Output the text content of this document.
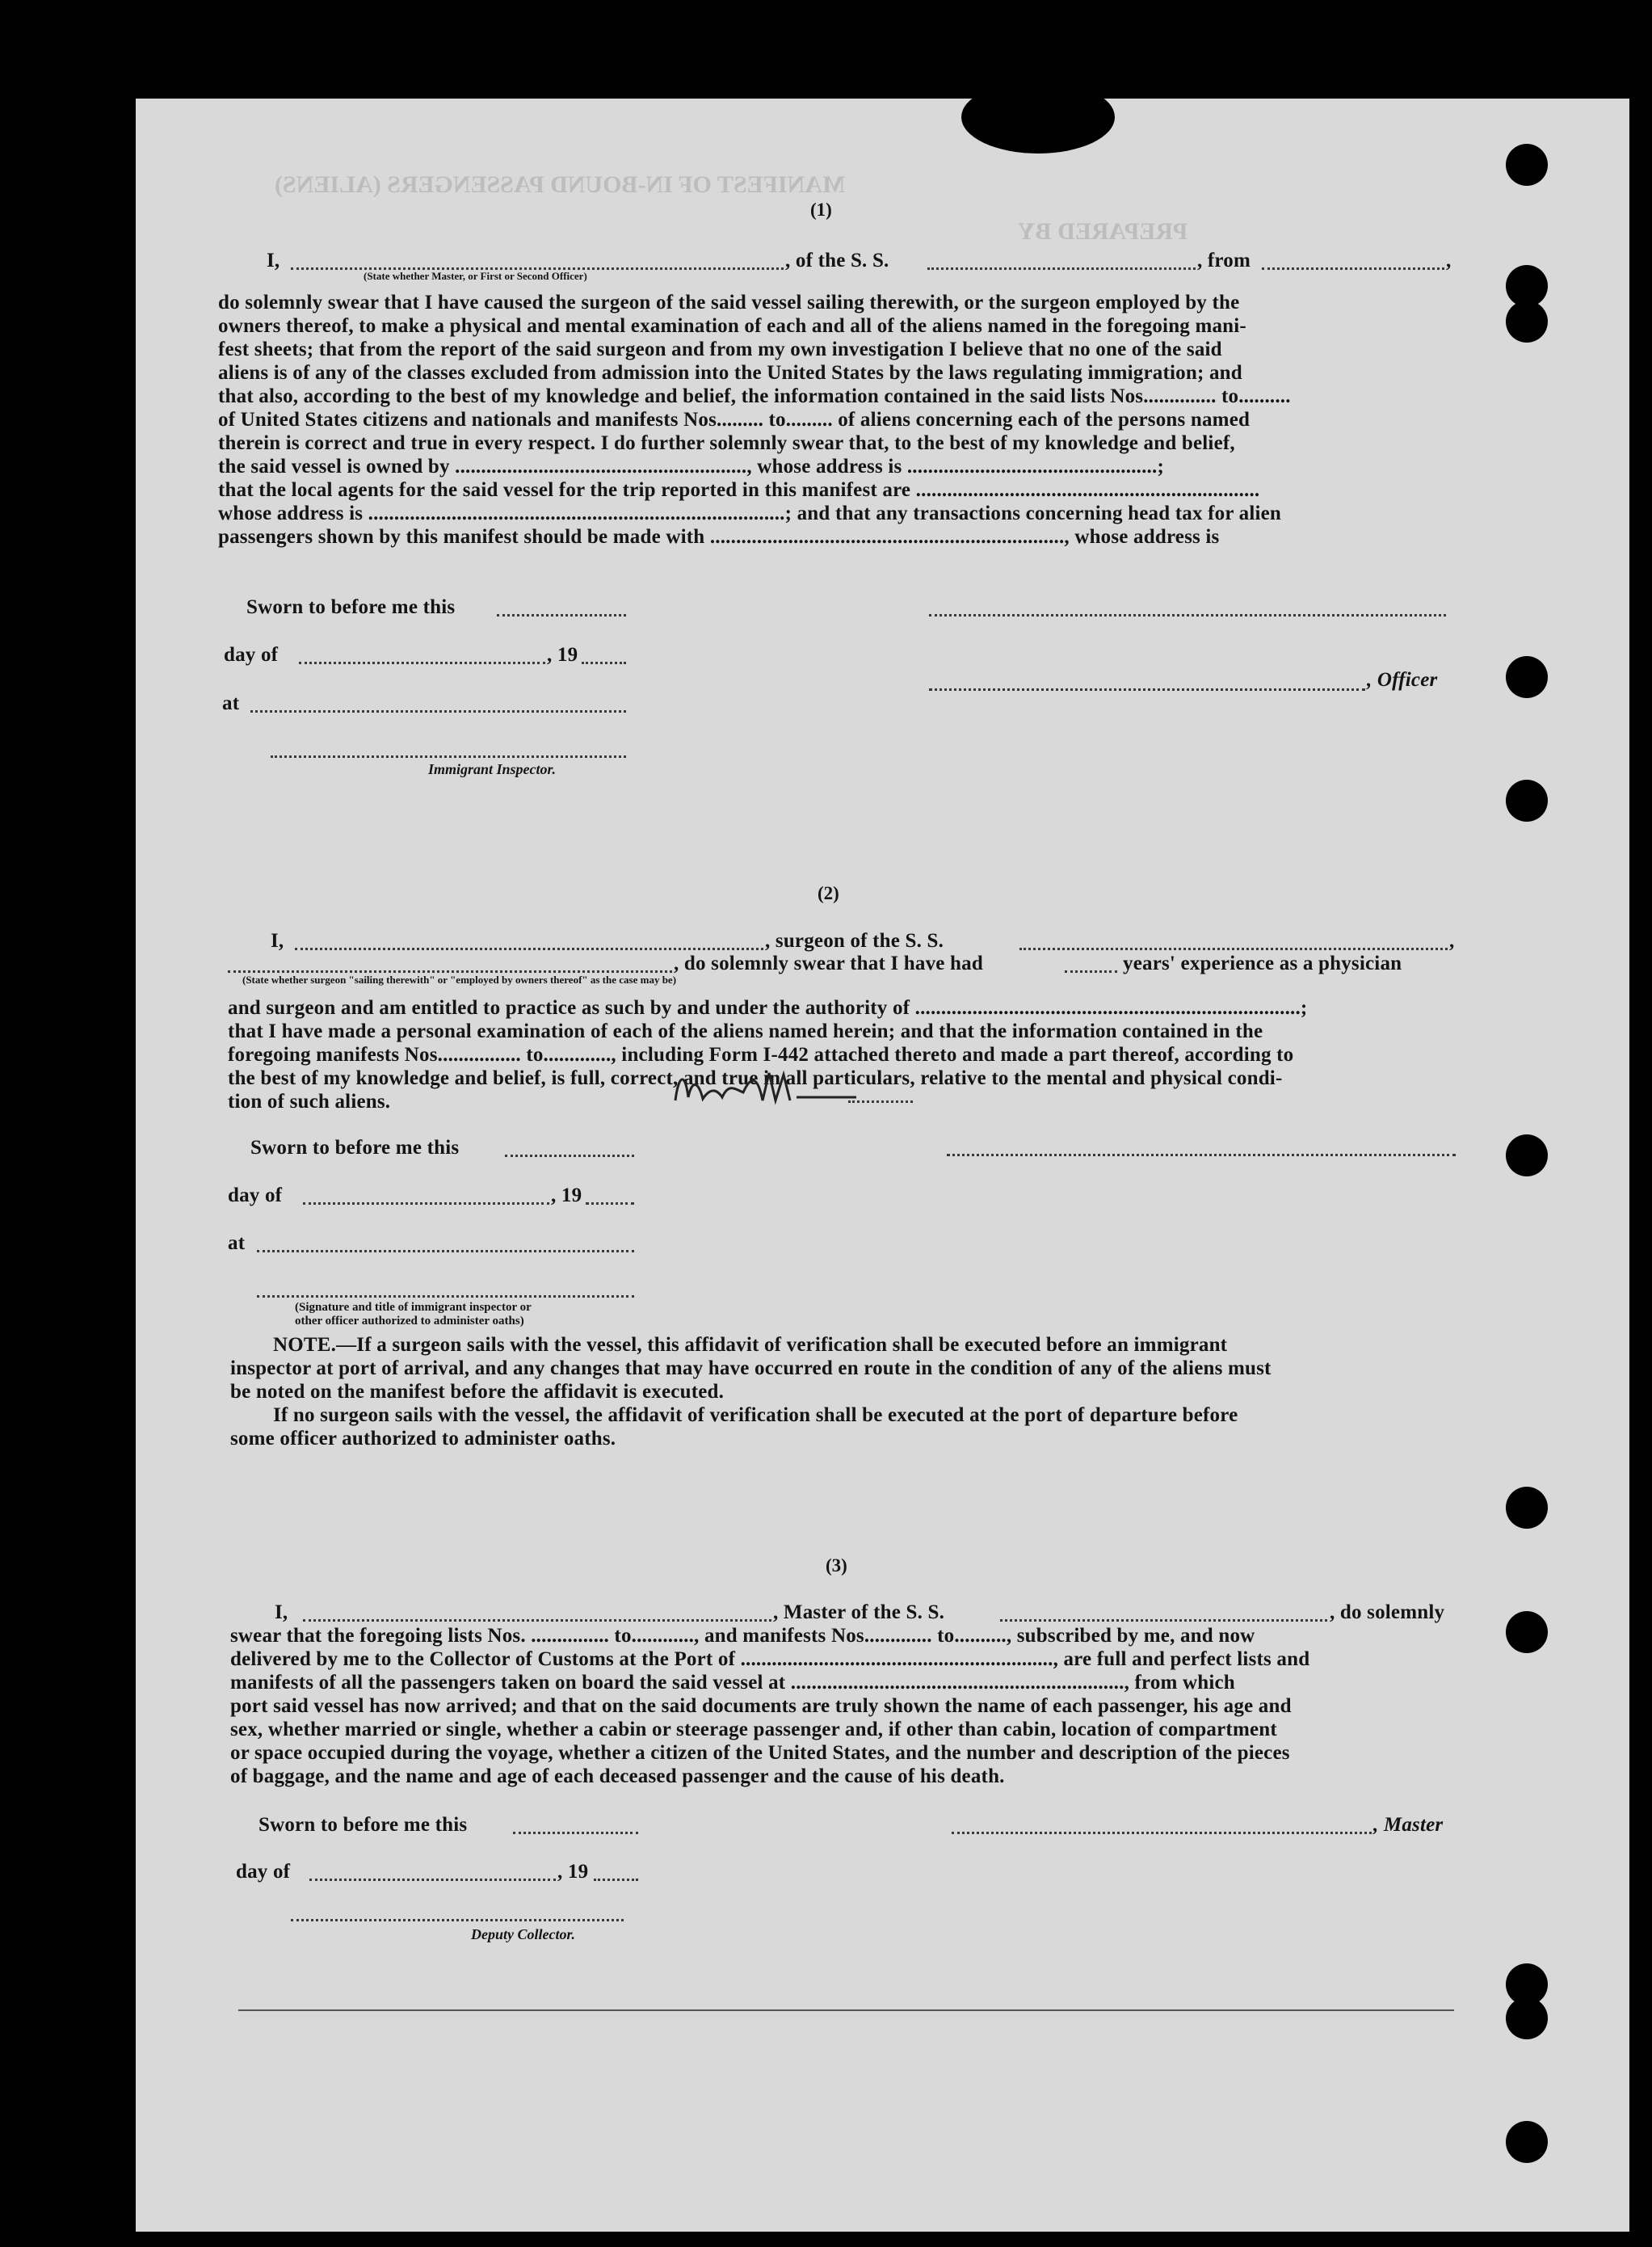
MANIFEST OF IN-BOUND PASSENGERS (ALIENS)
PREPARED BY
(1)
I,
(State whether Master, or First or Second Officer)
, of the S. S.	, from	,
do solemnly swear that I have caused the surgeon of the said vessel sailing therewith, or the surgeon employed by the
owners thereof, to make a physical and mental examination of each and all of the aliens named in the foregoing mani-
fest sheets; that from the report of the said surgeon and from my own investigation I believe that no one of the said
aliens is of any of the classes excluded from admission into the United States by the laws regulating immigration; and
that also, according to the best of my knowledge and belief, the information contained in the said lists Nos.............. to..........
of United States citizens and nationals and manifests Nos......... to......... of aliens concerning each of the persons named
therein is correct and true in every respect. I do further solemnly swear that, to the best of my knowledge and belief,
the said vessel is owned by ........................................................, whose address is ................................................;
that the local agents for the said vessel for the trip reported in this manifest are ..................................................................
whose address is ................................................................................; and that any transactions concerning head tax for alien
passengers shown by this manifest should be made with ...................................................................., whose address is
Sworn to before me this
day of	, 19
, Officer
at
Immigrant Inspector.
(2)
I,	, surgeon of the S. S.	,
, do solemnly swear that I have had	years' experience as a physician
(State whether surgeon "sailing therewith" or "employed by owners thereof" as the case may be)
and surgeon and am entitled to practice as such by and under the authority of ..........................................................................;
that I have made a personal examination of each of the aliens named herein; and that the information contained in the
foregoing manifests Nos................ to............., including Form I-442 attached thereto and made a part thereof, according to
the best of my knowledge and belief, is full, correct, and true in all particulars, relative to the mental and physical condi-
tion of such aliens.
Sworn to before me this
day of	, 19
at
(Signature and title of immigrant inspector or
other officer authorized to administer oaths)
NOTE.—If a surgeon sails with the vessel, this affidavit of verification shall be executed before an immigrant
inspector at port of arrival, and any changes that may have occurred en route in the condition of any of the aliens must
be noted on the manifest before the affidavit is executed.
If no surgeon sails with the vessel, the affidavit of verification shall be executed at the port of departure before
some officer authorized to administer oaths.
(3)
I,	, Master of the S. S.	, do solemnly
swear that the foregoing lists Nos. ............... to............, and manifests Nos............. to.........., subscribed by me, and now
delivered by me to the Collector of Customs at the Port of ............................................................, are full and perfect lists and
manifests of all the passengers taken on board the said vessel at ................................................................, from which
port said vessel has now arrived; and that on the said documents are truly shown the name of each passenger, his age and
sex, whether married or single, whether a cabin or steerage passenger and, if other than cabin, location of compartment
or space occupied during the voyage, whether a citizen of the United States, and the number and description of the pieces
of baggage, and the name and age of each deceased passenger and the cause of his death.
Sworn to before me this	, Master
day of	, 19
Deputy Collector.
